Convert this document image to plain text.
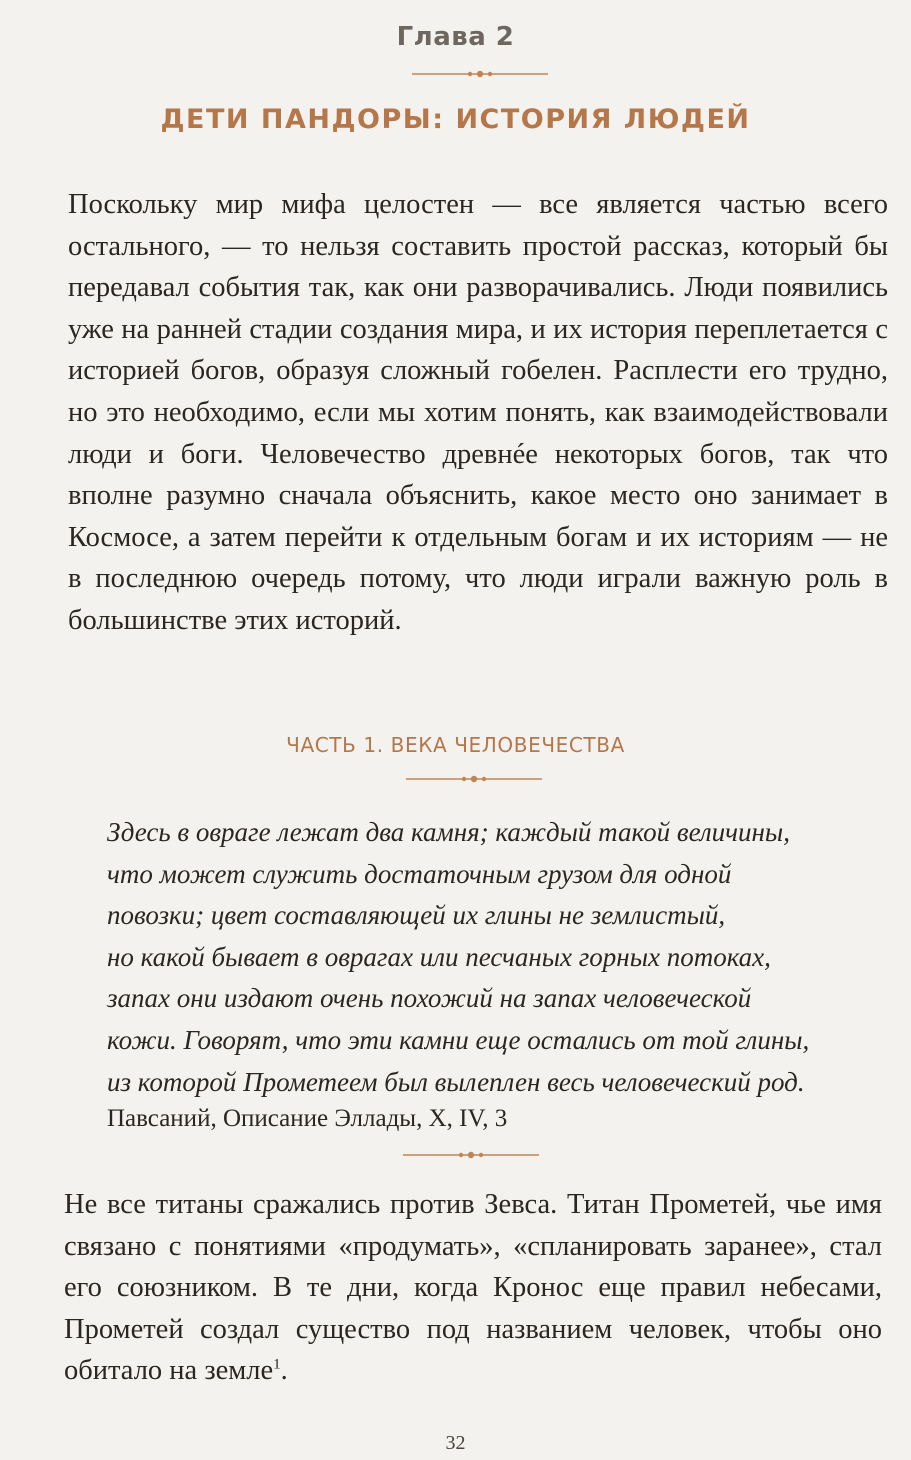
Глава 2
ДЕТИ ПАНДОРЫ: ИСТОРИЯ ЛЮДЕЙ

Поскольку мир мифа целостен — все является частью всего остального, — то нельзя составить простой рассказ, который бы передавал события так, как они разворачивались. Люди появились уже на ранней стадии создания мира, и их история переплетается с историей богов, образуя сложный гобелен. Расплести его трудно, но это необходимо, если мы хотим понять, как взаимодействовали люди и боги. Человечество древнéе некоторых богов, так что вполне разумно сначала объяснить, какое место оно занимает в Космосе, а затем перейти к отдельным богам и их историям — не в последнюю очередь потому, что люди играли важную роль в большинстве этих историй.

ЧАСТЬ 1. ВЕКА ЧЕЛОВЕЧЕСТВА
Здесь в овраге лежат два камня; каждый такой величины,
что может служить достаточным грузом для одной
повозки; цвет составляющей их глины не землистый,
но какой бывает в оврагах или песчаных горных потоках,
запах они издают очень похожий на запах человеческой
кожи. Говорят, что эти камни еще остались от той глины,
из которой Прометеем был вылеплен весь человеческий род.
Павсаний, Описание Эллады, X, IV, 3

Не все титаны сражались против Зевса. Титан Прометей, чье имя связано с понятиями «продумать», «спланировать заранее», стал его союзником. В те дни, когда Кронос еще правил небесами, Прометей создал существо под названием человек, чтобы оно обитало на земле$^1$.

32
